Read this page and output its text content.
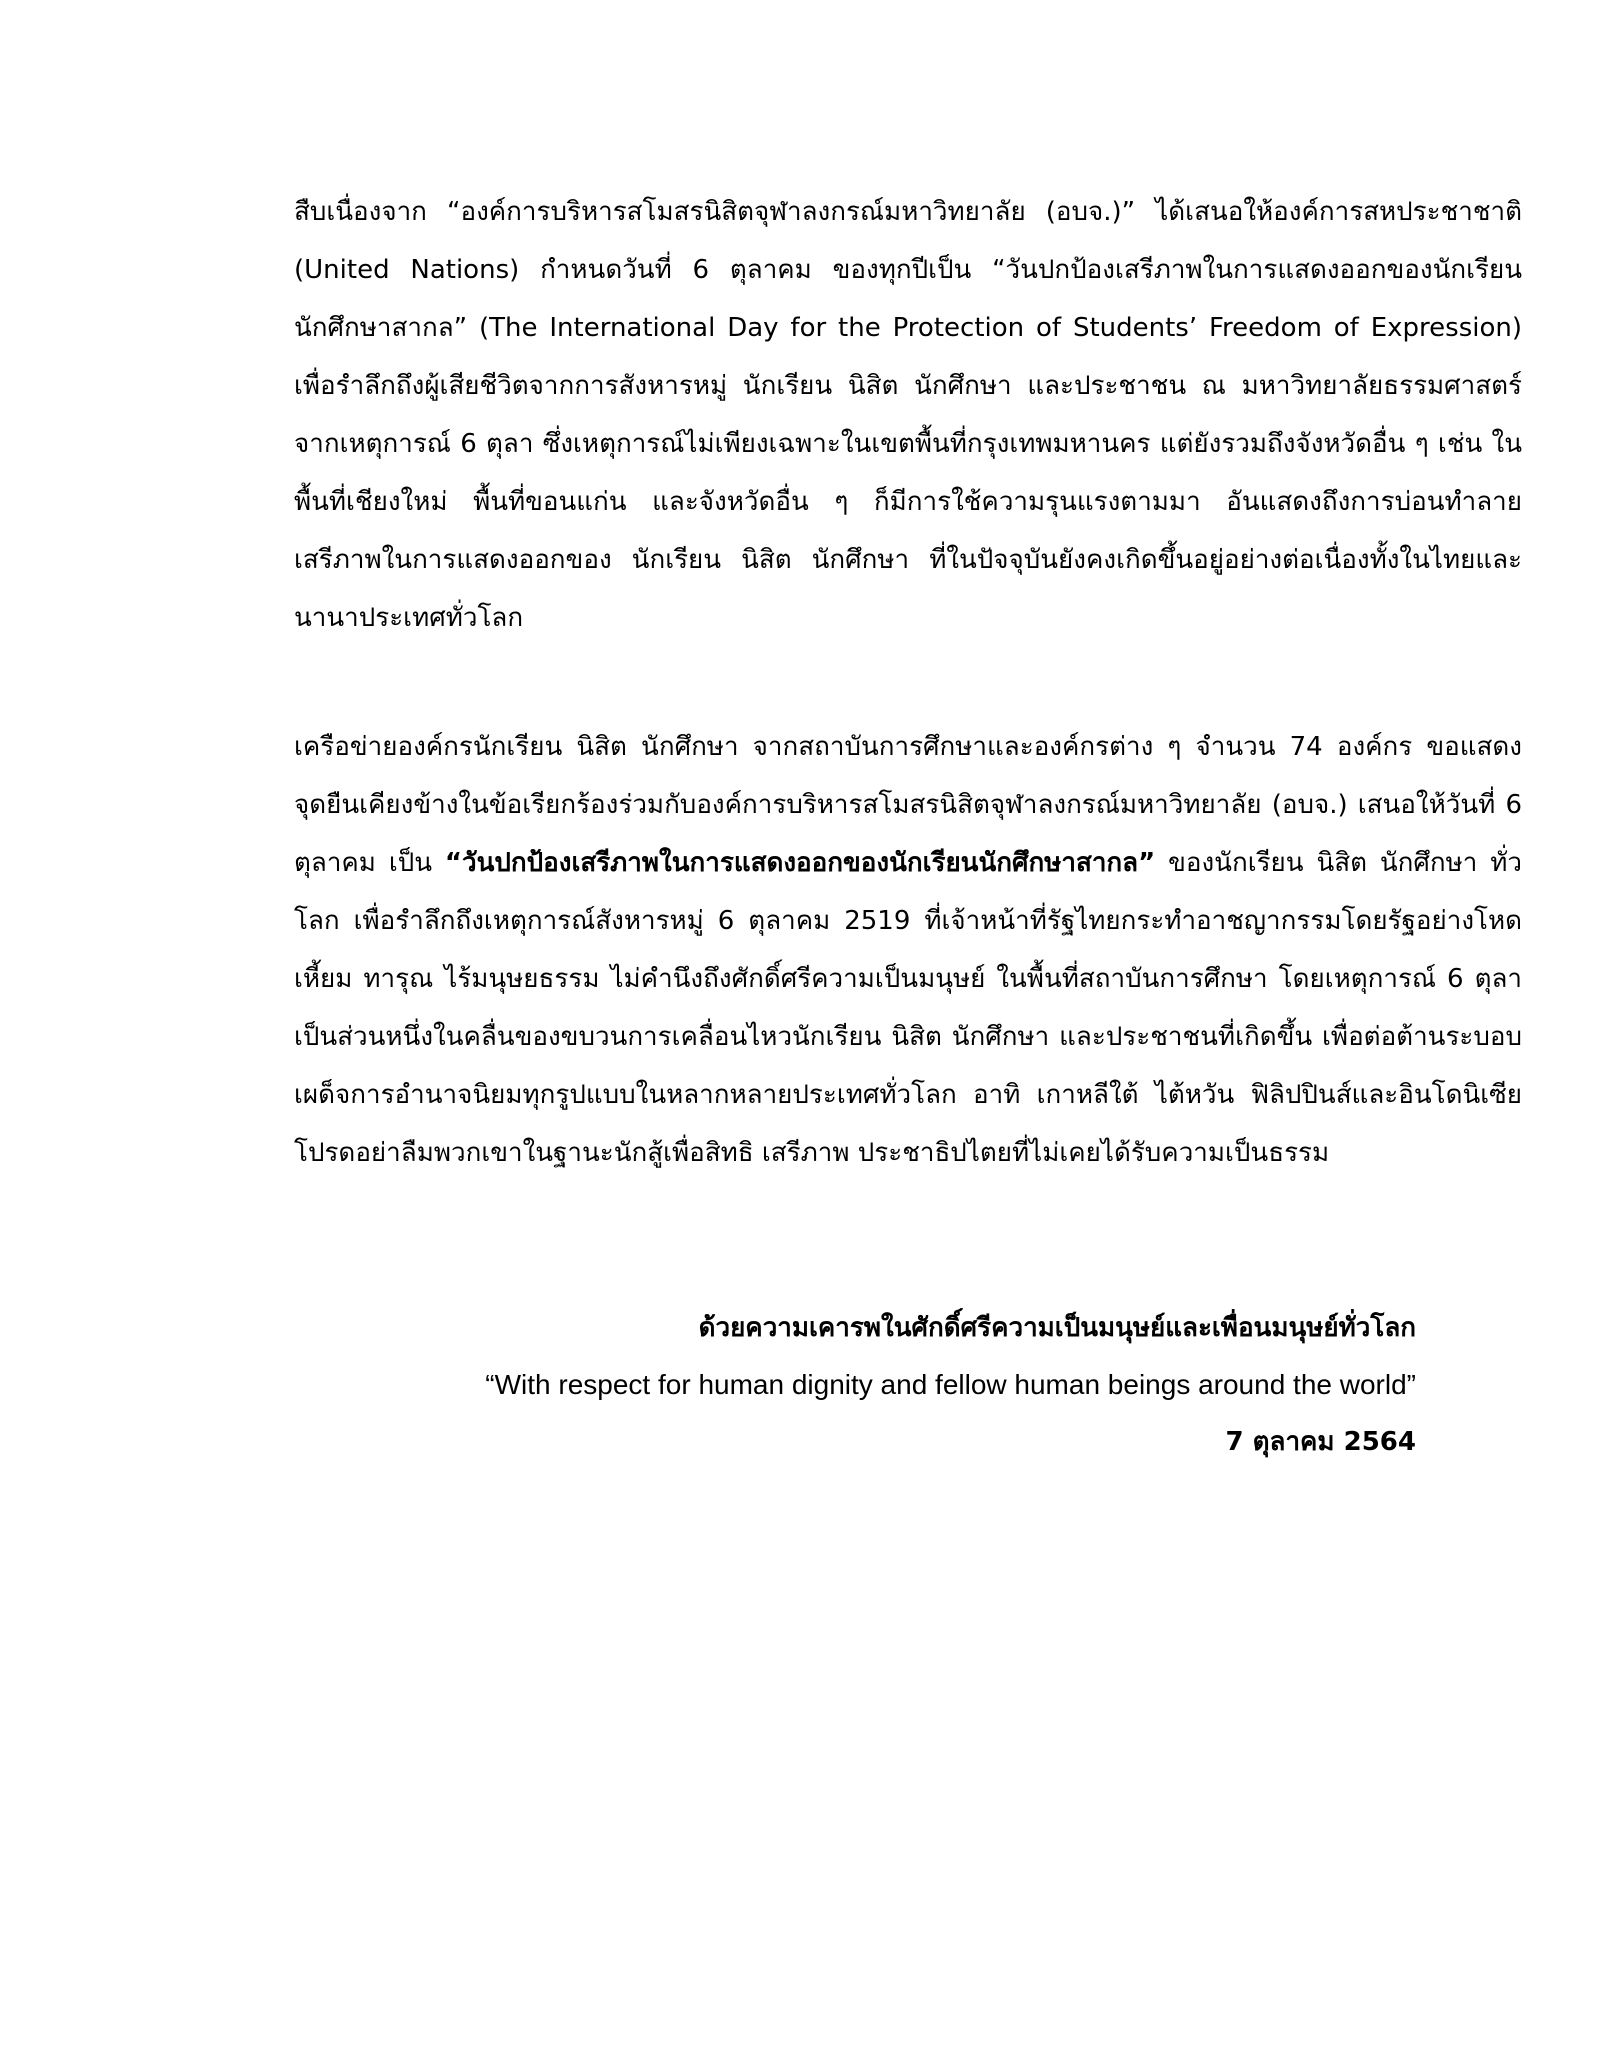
สืบเนื่องจาก “องค์การบริหารสโมสรนิสิตจุฬาลงกรณ์มหาวิทยาลัย (อบจ.)” ได้เสนอให้องค์การสหประชาชาติ (United Nations) กำหนดวันที่ 6 ตุลาคม ของทุกปีเป็น “วันปกป้องเสรีภาพในการแสดงออกของนักเรียนนักศึกษาสากล” (The International Day for the Protection of Students’ Freedom of Expression) เพื่อรำลึกถึงผู้เสียชีวิตจากการสังหารหมู่ นักเรียน นิสิต นักศึกษา และประชาชน ณ มหาวิทยาลัยธรรมศาสตร์ จากเหตุการณ์ 6 ตุลา ซึ่งเหตุการณ์ไม่เพียงเฉพาะในเขตพื้นที่กรุงเทพมหานคร แต่ยังรวมถึงจังหวัดอื่น ๆ เช่น ในพื้นที่เชียงใหม่ พื้นที่ขอนแก่น และจังหวัดอื่น ๆ ก็มีการใช้ความรุนแรงตามมา อันแสดงถึงการบ่อนทำลายเสรีภาพในการแสดงออกของ นักเรียน นิสิต นักศึกษา ที่ในปัจจุบันยังคงเกิดขึ้นอยู่อย่างต่อเนื่องทั้งในไทยและนานาประเทศทั่วโลก

เครือข่ายองค์กรนักเรียน นิสิต นักศึกษา จากสถาบันการศึกษาและองค์กรต่าง ๆ จำนวน 74 องค์กร ขอแสดงจุดยืนเคียงข้างในข้อเรียกร้องร่วมกับองค์การบริหารสโมสรนิสิตจุฬาลงกรณ์มหาวิทยาลัย (อบจ.) เสนอให้วันที่ 6 ตุลาคม เป็น “วันปกป้องเสรีภาพในการแสดงออกของนักเรียนนักศึกษาสากล” ของนักเรียน นิสิต นักศึกษา ทั่วโลก เพื่อรำลึกถึงเหตุการณ์สังหารหมู่ 6 ตุลาคม 2519 ที่เจ้าหน้าที่รัฐไทยกระทำอาชญากรรมโดยรัฐอย่างโหดเหี้ยม ทารุณ ไร้มนุษยธรรม ไม่คำนึงถึงศักดิ์ศรีความเป็นมนุษย์ ในพื้นที่สถาบันการศึกษา โดยเหตุการณ์ 6 ตุลา เป็นส่วนหนึ่งในคลื่นของขบวนการเคลื่อนไหวนักเรียน นิสิต นักศึกษา และประชาชนที่เกิดขึ้น เพื่อต่อต้านระบอบเผด็จการอำนาจนิยมทุกรูปแบบในหลากหลายประเทศทั่วโลก อาทิ เกาหลีใต้ ไต้หวัน ฟิลิปปินส์และอินโดนิเซีย โปรดอย่าลืมพวกเขาในฐานะนักสู้เพื่อสิทธิ เสรีภาพ ประชาธิปไตยที่ไม่เคยได้รับความเป็นธรรม

ด้วยความเคารพในศักดิ์ศรีความเป็นมนุษย์และเพื่อนมนุษย์ทั่วโลก

“With respect for human dignity and fellow human beings around the world”

7 ตุลาคม 2564
